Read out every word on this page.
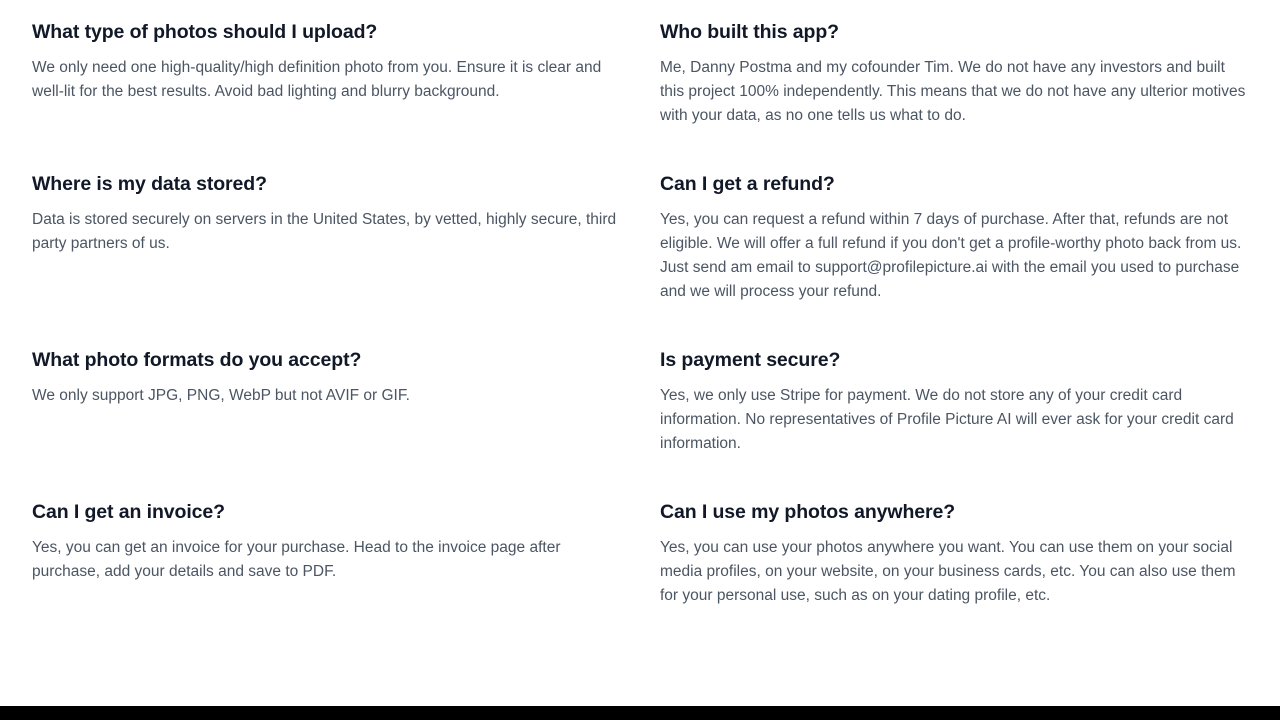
What type of photos should I upload?

We only need one high-quality/high definition photo from you. Ensure it is clear and well-lit for the best results. Avoid bad lighting and blurry background.

Who built this app?

Me, Danny Postma and my cofounder Tim. We do not have any investors and built this project 100% independently. This means that we do not have any ulterior motives with your data, as no one tells us what to do.

Where is my data stored?

Data is stored securely on servers in the United States, by vetted, highly secure, third party partners of us.

Can I get a refund?

Yes, you can request a refund within 7 days of purchase. After that, refunds are not eligible. We will offer a full refund if you don't get a profile-worthy photo back from us. Just send am email to support@profilepicture.ai with the email you used to purchase and we will process your refund.

What photo formats do you accept?

We only support JPG, PNG, WebP but not AVIF or GIF.

Is payment secure?

Yes, we only use Stripe for payment. We do not store any of your credit card information. No representatives of Profile Picture AI will ever ask for your credit card information.

Can I get an invoice?

Yes, you can get an invoice for your purchase. Head to the invoice page after purchase, add your details and save to PDF.

Can I use my photos anywhere?

Yes, you can use your photos anywhere you want. You can use them on your social media profiles, on your website, on your business cards, etc. You can also use them for your personal use, such as on your dating profile, etc.
